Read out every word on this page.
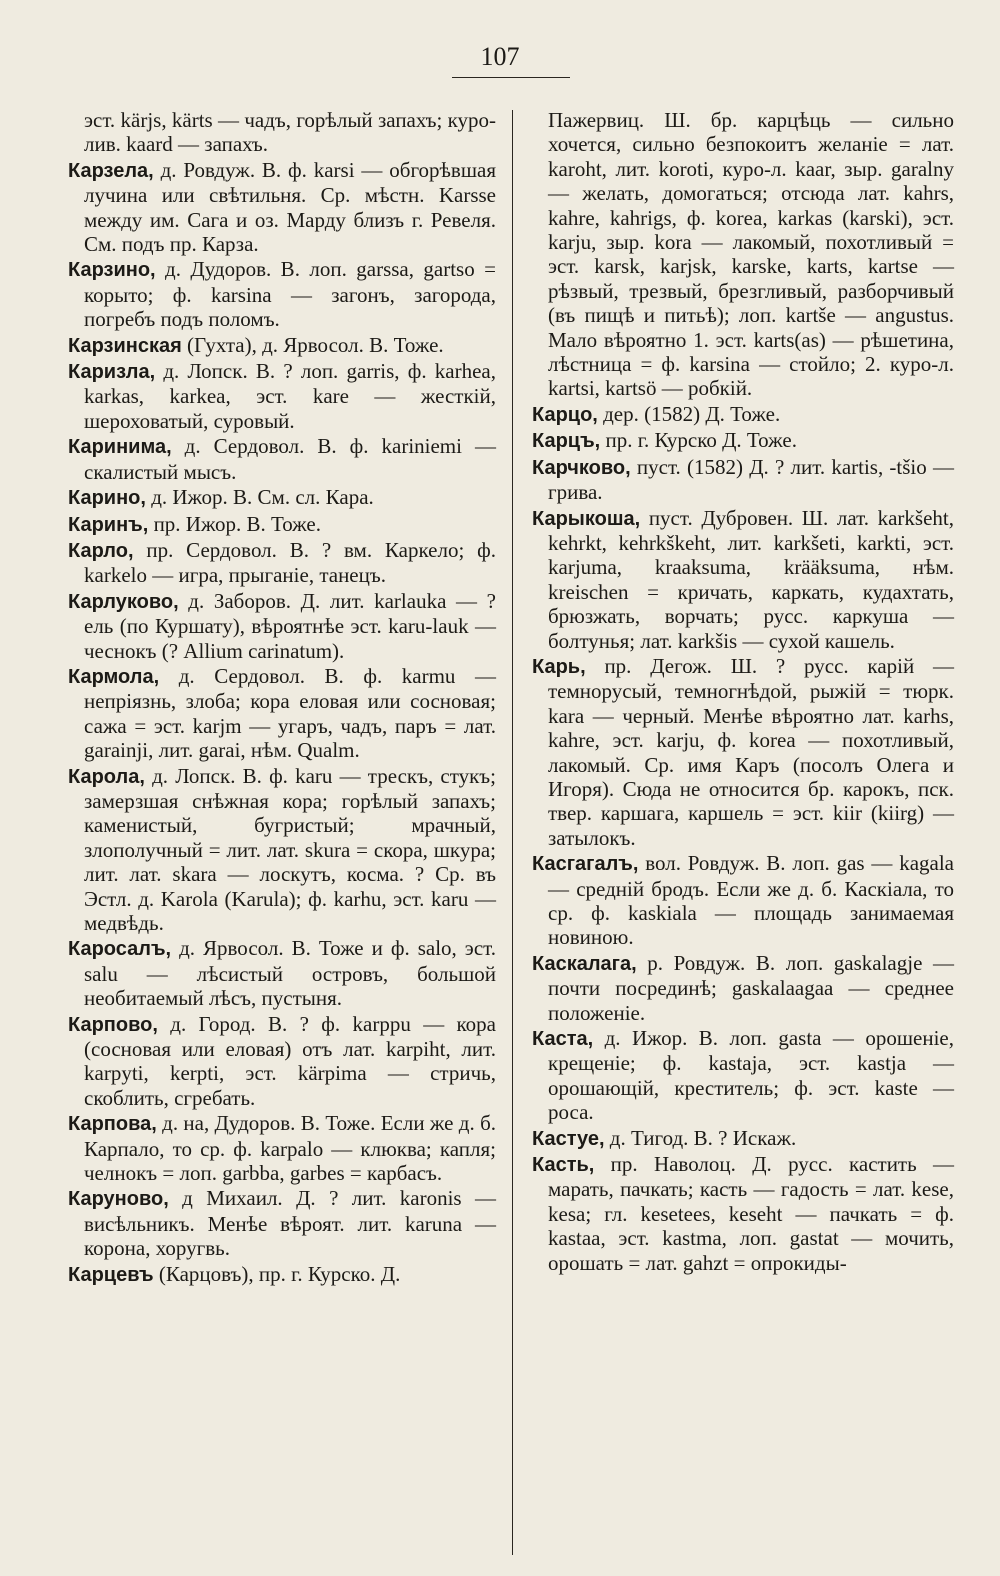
107

эст. kärjs, kärts — чадъ, горѣлый запахъ; куро-лив. kaard — запахъ.

Карзела, д. Ровдуж. В. ф. karsi — обгорѣвшая лучина или свѣтильня. Ср. мѣстн. Karsse между им. Сага и оз. Марду близъ г. Ревеля. См. подъ пр. Карза.

Карзино, д. Дудоров. В. лоп. garssa, gartso = корыто; ф. karsina — загонъ, загорода, погребъ подъ поломъ.

Карзинская (Гухта), д. Ярвосол. В. Тоже.

Каризла, д. Лопск. В. ? лоп. garris, ф. karhea, karkas, karkea, эст. kare — жесткій, шероховатый, суровый.

Каринима, д. Сердовол. В. ф. kariniemi — скалистый мысъ.

Карино, д. Ижор. В. См. сл. Кара.

Каринъ, пр. Ижор. В. Тоже.

Карло, пр. Сердовол. В. ? вм. Каркело; ф. karkelo — игра, прыганіе, танецъ.

Карлуково, д. Заборов. Д. лит. karlauka — ? ель (по Куршату), вѣроятнѣе эст. karu-lauk — чеснокъ (? Allium carinatum).

Кармола, д. Сердовол. В. ф. karmu — непріязнь, злоба; кора еловая или сосновая; сажа = эст. karjm — угаръ, чадъ, паръ = лат. garainji, лит. garai, нѣм. Qualm.

Карола, д. Лопск. В. ф. karu — трескъ, стукъ; замерзшая снѣжная кора; горѣлый запахъ; каменистый, бугристый; мрачный, злополучный = лит. лат. skura = скора, шкура; лит. лат. skara — лоскутъ, косма. ? Ср. въ Эстл. д. Karola (Karula); ф. karhu, эст. karu — медвѣдь.

Каросалъ, д. Ярвосол. В. Тоже и ф. salo, эст. salu — лѣсистый островъ, большой необитаемый лѣсъ, пустыня.

Карпово, д. Город. В. ? ф. karppu — кора (сосновая или еловая) отъ лат. karpiht, лит. karpyti, kerpti, эст. kärpima — стричь, скоблить, сгребать.

Карпова, д. на, Дудоров. В. Тоже. Если же д. б. Карпало, то ср. ф. karpalo — клюква; капля; челнокъ = лоп. garbba, garbes = карбасъ.

Каруново, д Михаил. Д. ? лит. karonis — висѣльникъ. Менѣе вѣроят. лит. karuna — корона, хоругвь.

Карцевъ (Карцовъ), пр. г. Курско. Д.

Пажервиц. Ш. бр. карцѣць — сильно хочется, сильно безпокоитъ желаніе = лат. karoht, лит. koroti, куро-л. kaar, зыр. garalny — желать, домогаться; отсюда лат. kahrs, kahre, kahrigs, ф. korea, karkas (karski), эст. karju, зыр. kora — лакомый, похотливый = эст. karsk, karjsk, karske, karts, kartse — рѣзвый, трезвый, брезгливый, разборчивый (въ пищѣ и питьѣ); лоп. kartše — angustus. Мало вѣроятно 1. эст. karts(as) — рѣшетина, лѣстница = ф. karsina — стойло; 2. куро-л. kartsi, kartsö — робкій.

Карцо, дер. (1582) Д. Тоже.

Карцъ, пр. г. Курско Д. Тоже.

Карчково, пуст. (1582) Д. ? лит. kartis, -tšio — грива.

Карыкоша, пуст. Дубровен. Ш. лат. karkšeht, kehrkt, kehrkškeht, лит. karkšeti, karkti, эст. karjuma, kraaksuma, krääksuma, нѣм. kreischen = кричать, каркать, кудахтать, брюзжать, ворчать; русс. каркуша — болтунья; лат. karkšis — сухой кашель.

Карь, пр. Дегож. Ш. ? русс. карій — темнорусый, темногнѣдой, рыжій = тюрк. kara — черный. Менѣе вѣроятно лат. karhs, kahre, эст. karju, ф. korea — похотливый, лакомый. Ср. имя Каръ (посолъ Олега и Игоря). Сюда не относится бр. карокъ, пск. твер. каршага, каршель = эст. kiir (kiirg) — затылокъ.

Касгагалъ, вол. Ровдуж. В. лоп. gas — kagala — средній бродъ. Если же д. б. Каскіала, то ср. ф. kaskiala — площадь занимаемая новиною.

Каскалага, р. Ровдуж. В. лоп. gaskalagje — почти посрединѣ; gaskalaagaa — среднее положеніе.

Каста, д. Ижор. В. лоп. gasta — орошеніе, крещеніе; ф. kastaja, эст. kastja — орошающій, креститель; ф. эст. kaste — роса.

Кастуе, д. Тигод. В. ? Искаж.

Касть, пр. Наволоц. Д. русс. кастить — марать, пачкать; касть — гадость = лат. kese, kesa; гл. kesetees, keseht — пачкать = ф. kastaa, эст. kastma, лоп. gastat — мочить, орошать = лат. gahzt = опрокиды-
